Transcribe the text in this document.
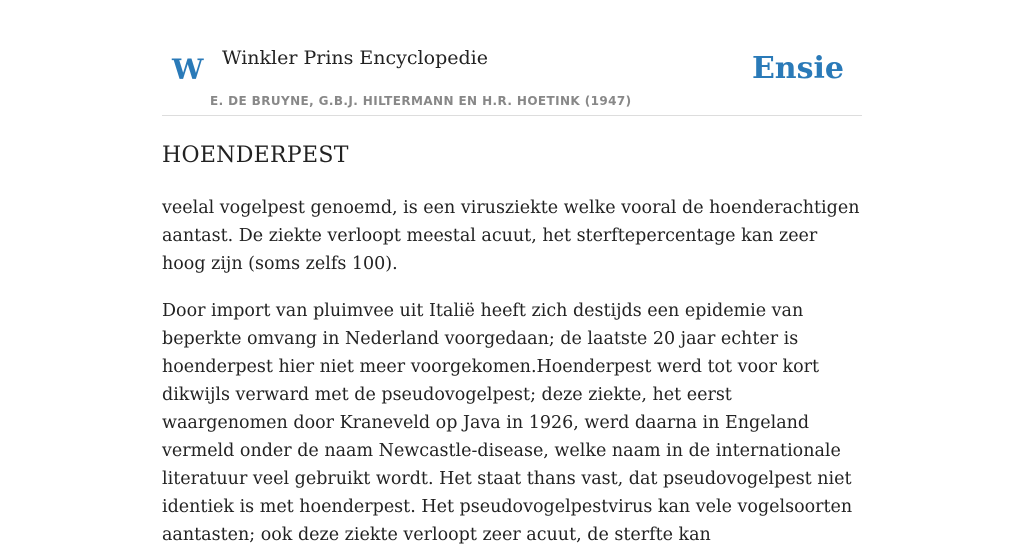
W Winkler Prins Encyclopedie
E. DE BRUYNE, G.B.J. HILTERMANN EN H.R. HOETINK (1947)
Ensie
HOENDERPEST

veelal vogelpest genoemd, is een virusziekte welke vooral de hoenderachtigen aantast. De ziekte verloopt meestal acuut, het sterftepercentage kan zeer hoog zijn (soms zelfs 100).

Door import van pluimvee uit Italië heeft zich destijds een epidemie van beperkte omvang in Nederland voorgedaan; de laatste 20 jaar echter is hoenderpest hier niet meer voorgekomen.Hoenderpest werd tot voor kort dikwijls verward met de pseudovogelpest; deze ziekte, het eerst waargenomen door Kraneveld op Java in 1926, werd daarna in Engeland vermeld onder de naam Newcastle-disease, welke naam in de internationale literatuur veel gebruikt wordt. Het staat thans vast, dat pseudovogelpest niet identiek is met hoenderpest. Het pseudovogelpestvirus kan vele vogelsoorten aantasten; ook deze ziekte verloopt zeer acuut, de sterfte kan
